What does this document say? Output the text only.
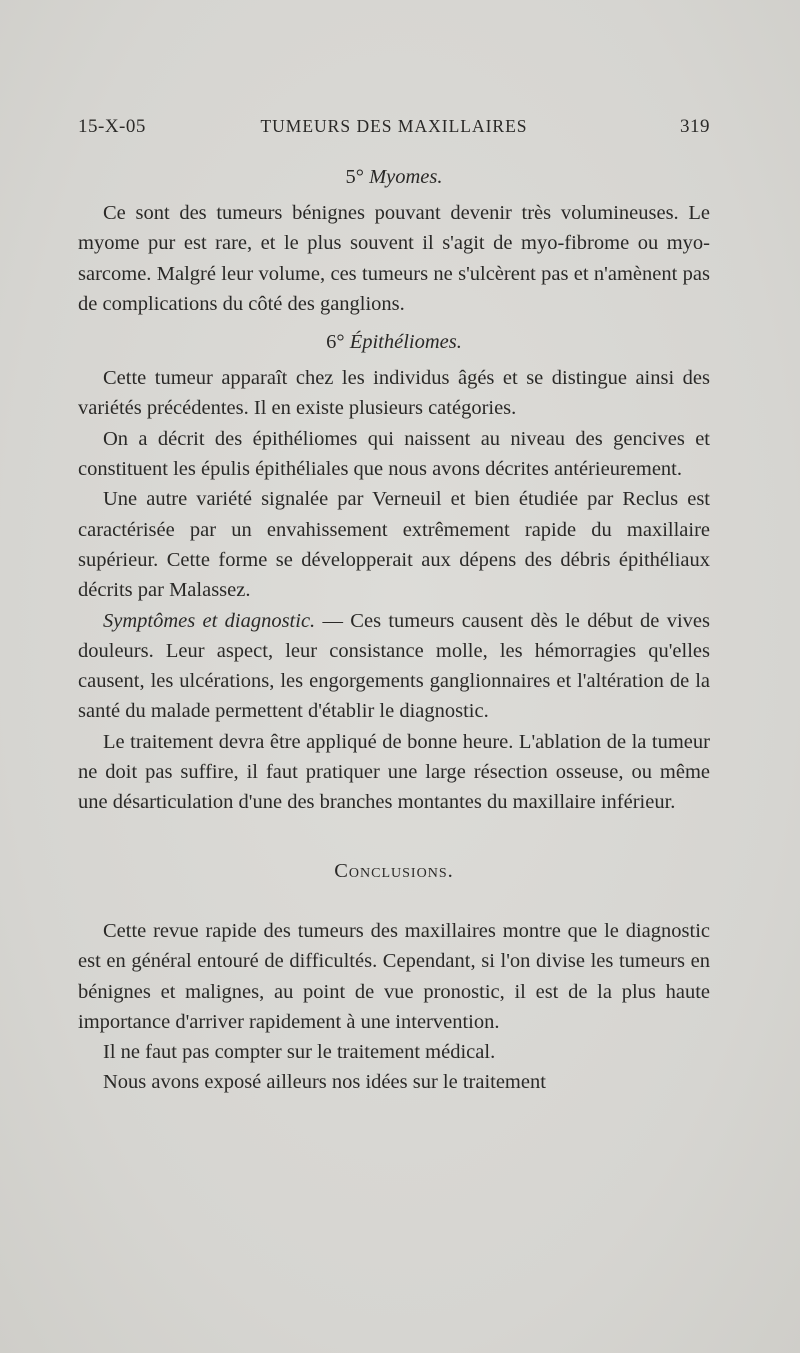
15-X-05	TUMEURS DES MAXILLAIRES	319
5° Myomes.

Ce sont des tumeurs bénignes pouvant devenir très volumineuses. Le myome pur est rare, et le plus souvent il s'agit de myo-fibrome ou myo-sarcome. Malgré leur volume, ces tumeurs ne s'ulcèrent pas et n'amènent pas de complications du côté des ganglions.

6° Épithéliomes.

Cette tumeur apparaît chez les individus âgés et se distingue ainsi des variétés précédentes. Il en existe plusieurs catégories.

On a décrit des épithéliomes qui naissent au niveau des gencives et constituent les épulis épithéliales que nous avons décrites antérieurement.

Une autre variété signalée par Verneuil et bien étudiée par Reclus est caractérisée par un envahissement extrêmement rapide du maxillaire supérieur. Cette forme se développerait aux dépens des débris épithéliaux décrits par Malassez.

Symptômes et diagnostic. — Ces tumeurs causent dès le début de vives douleurs. Leur aspect, leur consistance molle, les hémorragies qu'elles causent, les ulcérations, les engorgements ganglionnaires et l'altération de la santé du malade permettent d'établir le diagnostic.

Le traitement devra être appliqué de bonne heure. L'ablation de la tumeur ne doit pas suffire, il faut pratiquer une large résection osseuse, ou même une désarticulation d'une des branches montantes du maxillaire inférieur.

Conclusions.

Cette revue rapide des tumeurs des maxillaires montre que le diagnostic est en général entouré de difficultés. Cependant, si l'on divise les tumeurs en bénignes et malignes, au point de vue pronostic, il est de la plus haute importance d'arriver rapidement à une intervention.

Il ne faut pas compter sur le traitement médical.

Nous avons exposé ailleurs nos idées sur le traitement
